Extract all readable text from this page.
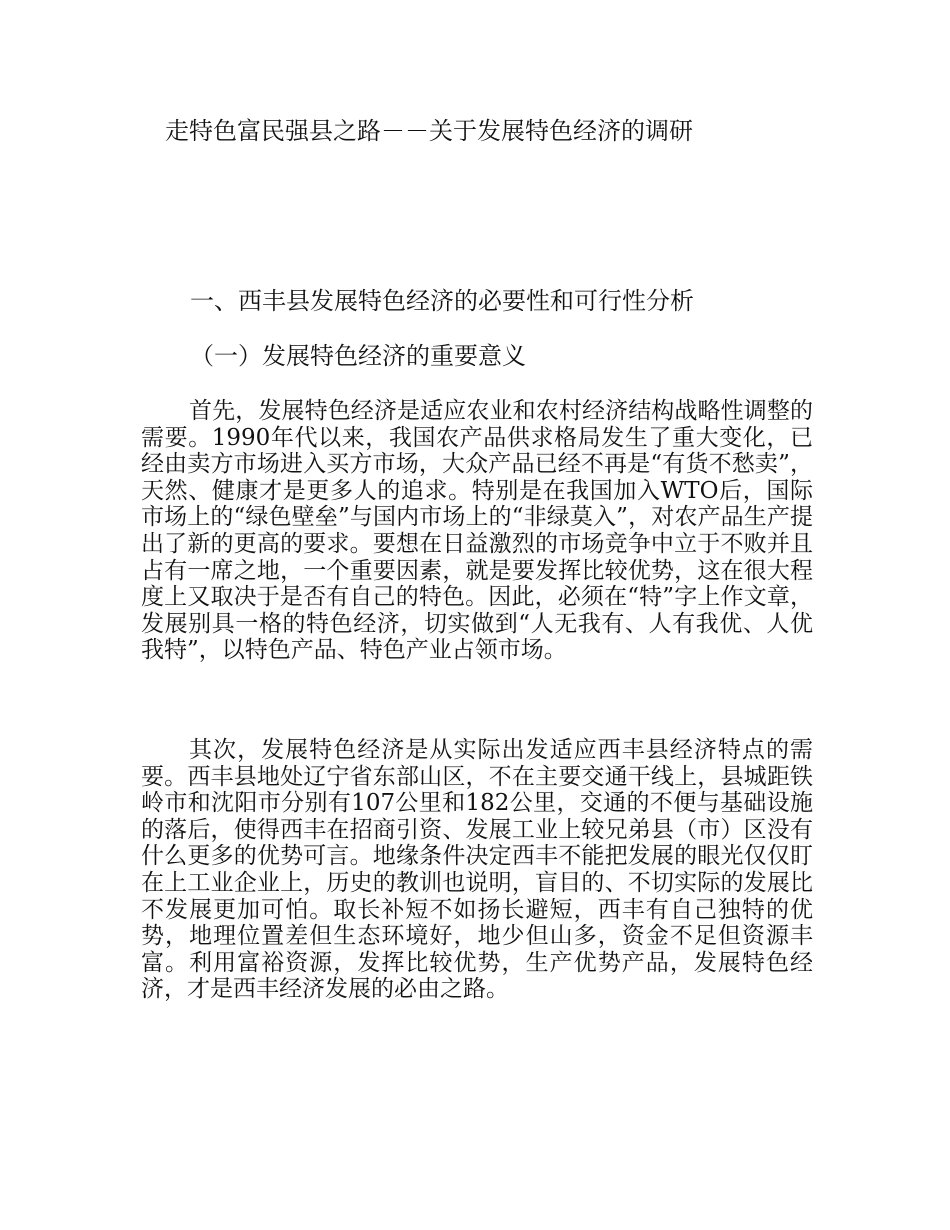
走特色富民强县之路－－关于发展特色经济的调研
一、西丰县发展特色经济的必要性和可行性分析
（一）发展特色经济的重要意义

首先，发展特色经济是适应农业和农村经济结构战略性调整的需要。1990年代以来，我国农产品供求格局发生了重大变化，已经由卖方市场进入买方市场，大众产品已经不再是“有货不愁卖”，天然、健康才是更多人的追求。特别是在我国加入WTO后，国际市场上的“绿色壁垒”与国内市场上的“非绿莫入”，对农产品生产提出了新的更高的要求。要想在日益激烈的市场竞争中立于不败并且占有一席之地，一个重要因素，就是要发挥比较优势，这在很大程度上又取决于是否有自己的特色。因此，必须在“特”字上作文章，发展别具一格的特色经济，切实做到“人无我有、人有我优、人优我特”，以特色产品、特色产业占领市场。

其次，发展特色经济是从实际出发适应西丰县经济特点的需要。西丰县地处辽宁省东部山区，不在主要交通干线上，县城距铁岭市和沈阳市分别有107公里和182公里，交通的不便与基础设施的落后，使得西丰在招商引资、发展工业上较兄弟县（市）区没有什么更多的优势可言。地缘条件决定西丰不能把发展的眼光仅仅盯在上工业企业上，历史的教训也说明，盲目的、不切实际的发展比不发展更加可怕。取长补短不如扬长避短，西丰有自己独特的优势，地理位置差但生态环境好，地少但山多，资金不足但资源丰富。利用富裕资源，发挥比较优势，生产优势产品，发展特色经济，才是西丰经济发展的必由之路。
